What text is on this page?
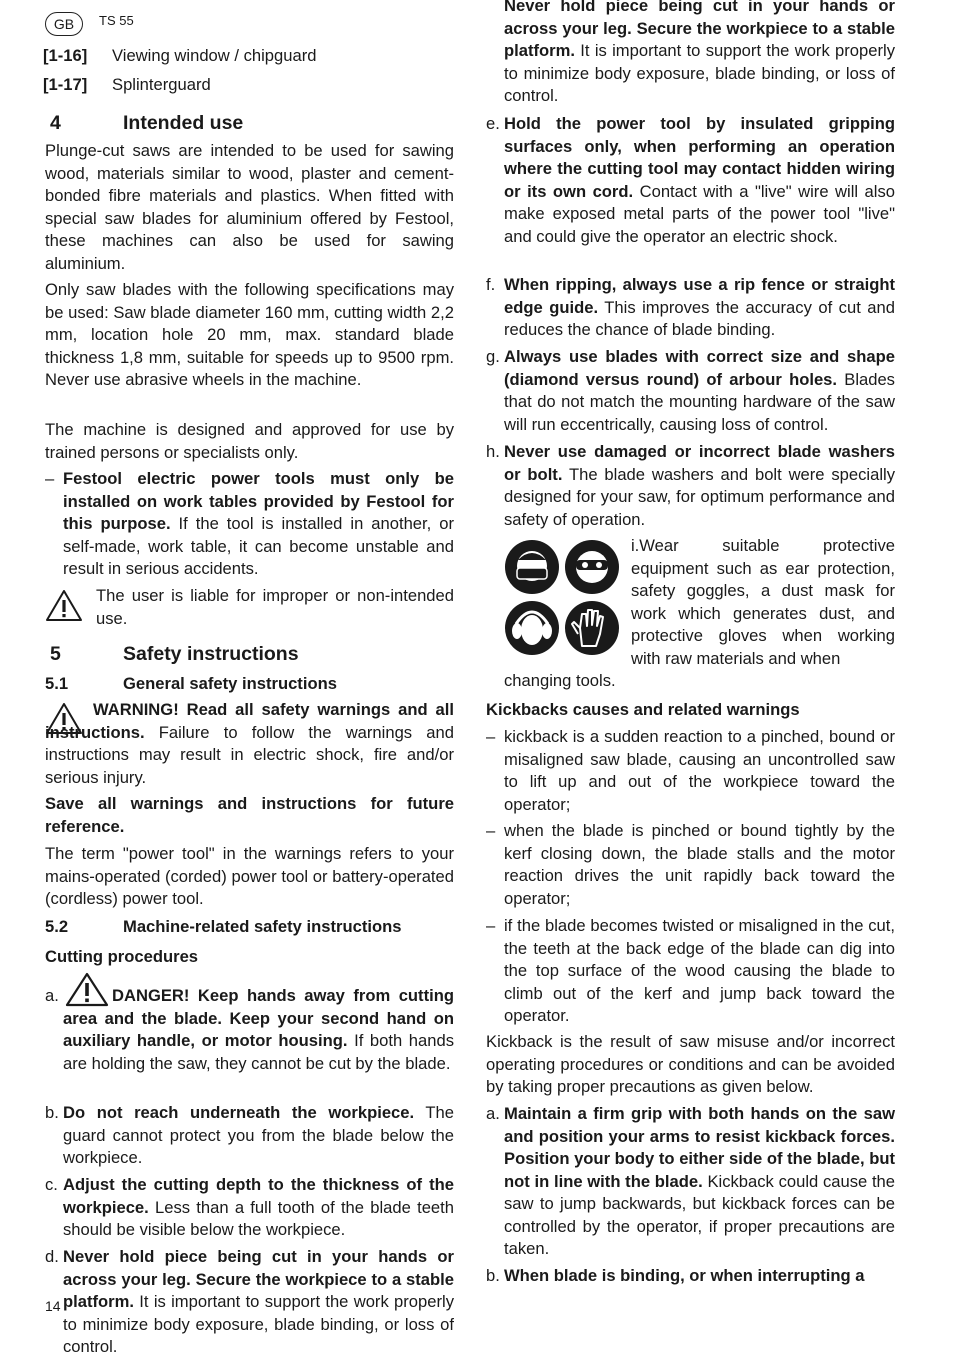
GB	TS 55
[1-16] Viewing window / chipguard
[1-17] Splinterguard
4	Intended use

Plunge-cut saws are intended to be used for sawing wood, materials similar to wood, plaster and cement-bonded fibre materials and plastics. When fitted with special saw blades for aluminium offered by Festool, these machines can also be used for sawing aluminium.

Only saw blades with the following specifications may be used: Saw blade diameter 160 mm, cutting width 2,2 mm, location hole 20 mm, max. standard blade thickness 1,8 mm, suitable for speeds up to 9500 rpm. Never use abrasive wheels in the machine.

The machine is designed and approved for use by trained persons or specialists only.

– Festool electric power tools must only be installed on work tables provided by Festool for this purpose. If the tool is installed in another, or self-made, work table, it can become unstable and result in serious accidents.

The user is liable for improper or non-intended use.

5	Safety instructions
5.1	General safety instructions

WARNING! Read all safety warnings and all instructions. Failure to follow the warnings and instructions may result in electric shock, fire and/or serious injury.

Save all warnings and instructions for future reference.

The term "power tool" in the warnings refers to your mains-operated (corded) power tool or battery-operated (cordless) power tool.

5.2	Machine-related safety instructions

Cutting procedures

a.	DANGER! Keep hands away from cutting area and the blade. Keep your second hand on auxiliary handle, or motor housing. If both hands are holding the saw, they cannot be cut by the blade.

b. Do not reach underneath the workpiece. The guard cannot protect you from the blade below the workpiece.

c. Adjust the cutting depth to the thickness of the workpiece. Less than a full tooth of the blade teeth should be visible below the workpiece.

d. Never hold piece being cut in your hands or across your leg. Secure the workpiece to a stable platform. It is important to support the work properly to minimize body exposure, blade binding, or loss of control.

Never hold piece being cut in your hands or across your leg. Secure the workpiece to a stable platform. It is important to support the work properly to minimize body exposure, blade binding, or loss of control.

e. Hold the power tool by insulated gripping surfaces only, when performing an operation where the cutting tool may contact hidden wiring or its own cord. Contact with a "live" wire will also make exposed metal parts of the power tool "live" and could give the operator an electric shock.

f. When ripping, always use a rip fence or straight edge guide. This improves the accuracy of cut and reduces the chance of blade binding.

g. Always use blades with correct size and shape (diamond versus round) of arbour holes. Blades that do not match the mounting hardware of the saw will run eccentrically, causing loss of control.

h. Never use damaged or incorrect blade washers or bolt. The blade washers and bolt were specially designed for your saw, for optimum performance and safety of operation.

i.Wear suitable protective equipment such as ear protection, safety goggles, a dust mask for work which generates dust, and protective gloves when working with raw materials and when

changing tools.

Kickbacks causes and related warnings

– kickback is a sudden reaction to a pinched, bound or misaligned saw blade, causing an uncontrolled saw to lift up and out of the workpiece toward the operator;

– when the blade is pinched or bound tightly by the kerf closing down, the blade stalls and the motor reaction drives the unit rapidly back toward the operator;

– if the blade becomes twisted or misaligned in the cut, the teeth at the back edge of the blade can dig into the top surface of the wood causing the blade to climb out of the kerf and jump back toward the operator.

Kickback is the result of saw misuse and/or incorrect operating procedures or conditions and can be avoided by taking proper precautions as given below.

a. Maintain a firm grip with both hands on the saw and position your arms to resist kickback forces. Position your body to either side of the blade, but not in line with the blade. Kickback could cause the saw to jump backwards, but kickback forces can be controlled by the operator, if proper precautions are taken.

b. When blade is binding, or when interrupting a

14
